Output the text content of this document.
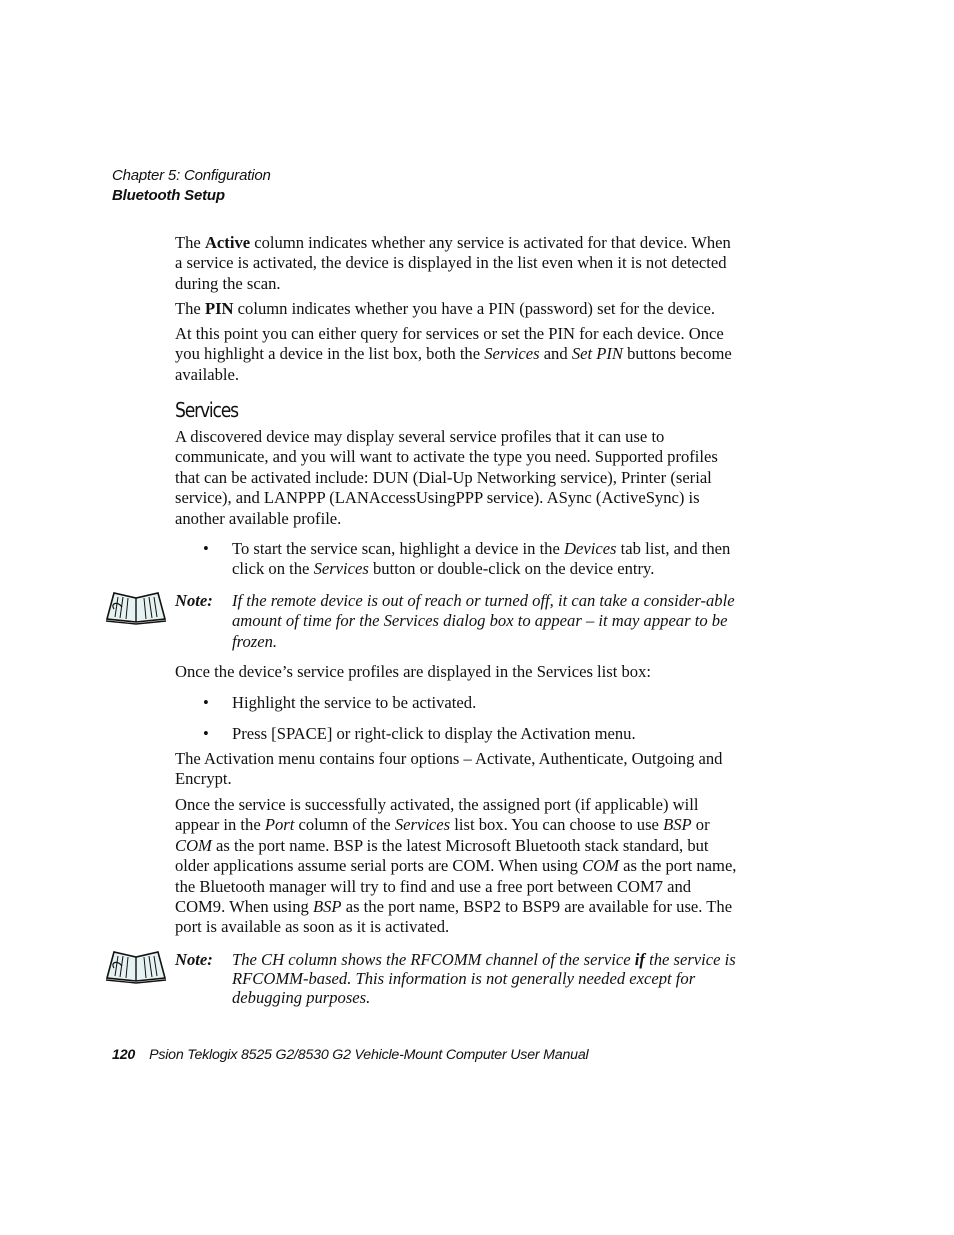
Chapter 5: Configuration
Bluetooth Setup

The Active column indicates whether any service is activated for that device. When a service is activated, the device is displayed in the list even when it is not detected during the scan.

The PIN column indicates whether you have a PIN (password) set for the device.

At this point you can either query for services or set the PIN for each device. Once you highlight a device in the list box, both the Services and Set PIN buttons become available.

Services

A discovered device may display several service profiles that it can use to communicate, and you will want to activate the type you need. Supported profiles that can be activated include: DUN (Dial-Up Networking service), Printer (serial service), and LANPPP (LANAccessUsingPPP service). ASync (ActiveSync) is another available profile.

• To start the service scan, highlight a device in the Devices tab list, and then click on the Services button or double-click on the device entry.
Note: If the remote device is out of reach or turned off, it can take a consider-able amount of time for the Services dialog box to appear – it may appear to be frozen.

Once the device’s service profiles are displayed in the Services list box:

• Highlight the service to be activated.
• Press [SPACE] or right-click to display the Activation menu.

The Activation menu contains four options – Activate, Authenticate, Outgoing and Encrypt.

Once the service is successfully activated, the assigned port (if applicable) will appear in the Port column of the Services list box. You can choose to use BSP or COM as the port name. BSP is the latest Microsoft Bluetooth stack standard, but older applications assume serial ports are COM. When using COM as the port name, the Bluetooth manager will try to find and use a free port between COM7 and COM9. When using BSP as the port name, BSP2 to BSP9 are available for use. The port is available as soon as it is activated.

Note: The CH column shows the RFCOMM channel of the service if the service is RFCOMM-based. This information is not generally needed except for debugging purposes.
120 Psion Teklogix 8525 G2/8530 G2 Vehicle-Mount Computer User Manual
